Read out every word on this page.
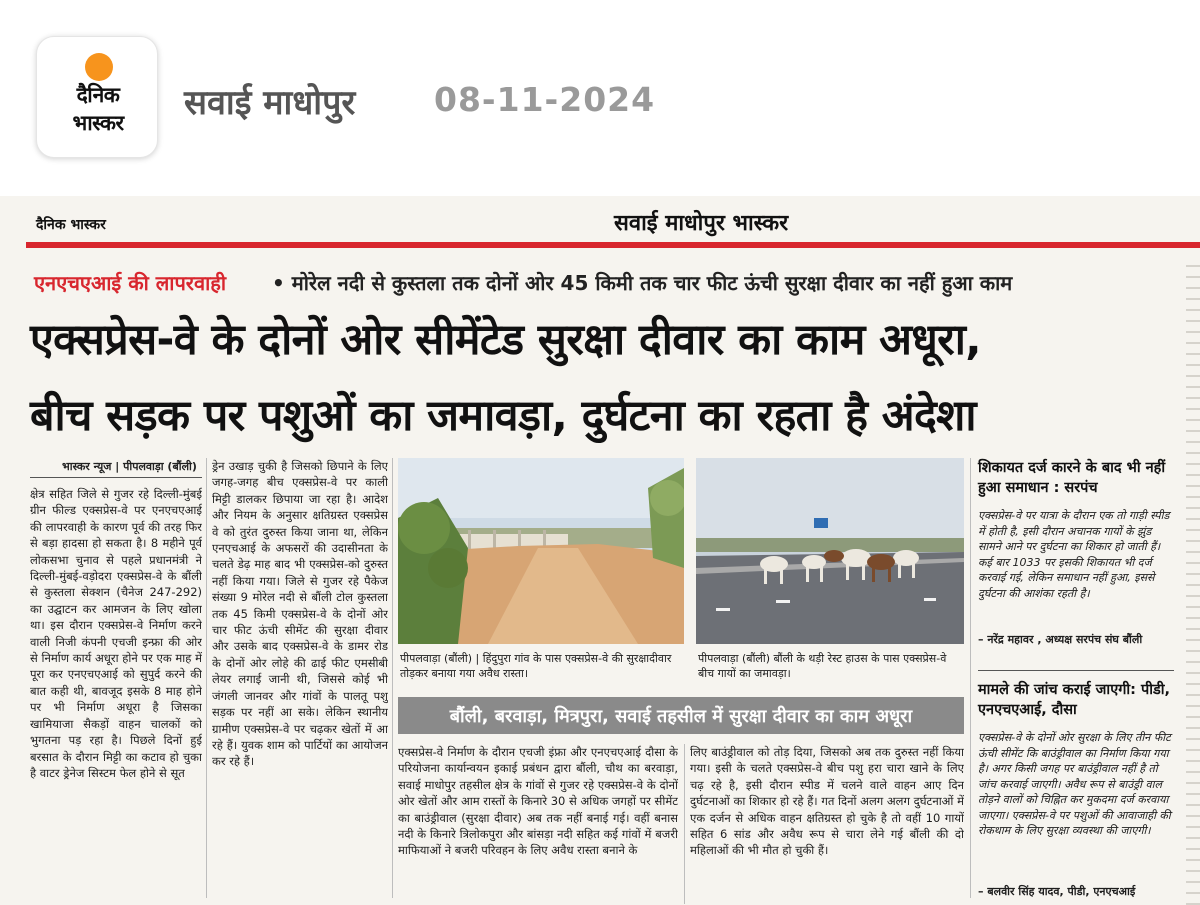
दैनिक
भास्कर	सवाई माधोपुर 08-11-2024
दैनिक भास्कर	सवाई माधोपुर भास्कर
एनएचएआई की लापरवाही • मोरेल नदी से कुस्तला तक दोनों ओर 45 किमी तक चार फीट ऊंची सुरक्षा दीवार का नहीं हुआ काम
एक्सप्रेस-वे के दोनों ओर सीमेंटेड सुरक्षा दीवार का काम अधूरा,
बीच सड़क पर पशुओं का जमावड़ा, दुर्घटना का रहता है अंदेशा
भास्कर न्यूज | पीपलवाड़ा (बौंली)
क्षेत्र सहित जिले से गुजर रहे दिल्ली-मुंबई ग्रीन फील्ड एक्सप्रेस-वे पर एनएचएआई की लापरवाही के कारण पूर्व की तरह फिर से बड़ा हादसा हो सकता है। 8 महीने पूर्व लोकसभा चुनाव से पहले प्रधानमंत्री ने दिल्ली-मुंबई-वड़ोदरा एक्सप्रेस-वे के बौंली से कुस्तला सेक्शन (चैनेज 247-292) का उद्घाटन कर आमजन के लिए खोला था। इस दौरान एक्सप्रेस-वे निर्माण करने वाली निजी कंपनी एचजी इन्फ्रा की ओर से निर्माण कार्य अधूरा होने पर एक माह में पूरा कर एनएचएआई को सुपुर्द करने की बात कही थी, बावजूद इसके 8 माह होने पर भी निर्माण अधूरा है जिसका खामियाजा सैकड़ों वाहन चालकों को भुगतना पड़ रहा है। पिछले दिनों हुई बरसात के दौरान मिट्टी का कटाव हो चुका है वाटर ड्रेनेज सिस्टम फेल होने से सूत
ड्रेन उखाड़ चुकी है जिसको छिपाने के लिए जगह-जगह बीच एक्सप्रेस-वे पर काली मिट्टी डालकर छिपाया जा रहा है। आदेश और नियम के अनुसार क्षतिग्रस्त एक्सप्रेस वे को तुरंत दुरुस्त किया जाना था, लेकिन एनएचआई के अफसरों की उदासीनता के चलते डेढ़ माह बाद भी एक्सप्रेस-को दुरुस्त नहीं किया गया। जिले से गुजर रहे पैकेज संख्या 9 मोरेल नदी से बौंली टोल कुस्तला तक 45 किमी एक्सप्रेस-वे के दोनों ओर चार फीट ऊंची सीमेंट की सुरक्षा दीवार और उसके बाद एक्सप्रेस-वे के डामर रोड के दोनों ओर लोहे की ढाई फीट एमसीबी लेयर लगाई जानी थी, जिससे कोई भी जंगली जानवर और गांवों के पालतू पशु सड़क पर नहीं आ सके। लेकिन स्थानीय ग्रामीण एक्सप्रेस-वे पर चढ़कर खेतों में आ रहे हैं। युवक शाम को पार्टियों का आयोजन कर रहे हैं।
पीपलवाड़ा (बौंली) | हिंदुपुरा गांव के पास एक्सप्रेस-वे की सुरक्षादीवार तोड़कर बनाया गया अवैध रास्ता।
पीपलवाड़ा (बौंली) बौंली के थड़ी रेस्ट हाउस के पास एक्सप्रेस-वे बीच गायों का जमावड़ा।
बौंली, बरवाड़ा, मित्रपुरा, सवाई तहसील में सुरक्षा दीवार का काम अधूरा
एक्सप्रेस-वे निर्माण के दौरान एचजी इंफ्रा और एनएचएआई दौसा के परियोजना कार्यान्वयन इकाई प्रबंधन द्वारा बौंली, चौथ का बरवाड़ा, सवाई माधोपुर तहसील क्षेत्र के गांवों से गुजर रहे एक्सप्रेस-वे के दोनों ओर खेतों और आम रास्तों के किनारे 30 से अधिक जगहों पर सीमेंट का बाउंड्रीवाल (सुरक्षा दीवार) अब तक नहीं बनाई गई। वहीं बनास नदी के किनारे त्रिलोकपुरा और बांसड़ा नदी सहित कई गांवों में बजरी माफियाओं ने बजरी परिवहन के लिए अवैध रास्ता बनाने के
लिए बाउंड्रीवाल को तोड़ दिया, जिसको अब तक दुरुस्त नहीं किया गया। इसी के चलते एक्सप्रेस-वे बीच पशु हरा चारा खाने के लिए चढ़ रहे है, इसी दौरान स्पीड में चलने वाले वाहन आए दिन दुर्घटनाओं का शिकार हो रहे हैं। गत दिनों अलग अलग दुर्घटनाओं में एक दर्जन से अधिक वाहन क्षतिग्रस्त हो चुके है तो वहीं 10 गायों सहित 6 सांड और अवैध रूप से चारा लेने गई बौंली की दो महिलाओं की भी मौत हो चुकी हैं।
शिकायत दर्ज कारने के बाद भी नहीं हुआ समाधान : सरपंच
एक्सप्रेस-वे पर यात्रा के दौरान एक तो गाड़ी स्पीड में होती है, इसी दौरान अचानक गायों के झुंड सामने आने पर दुर्घटना का शिकार हो जाती हैं। कई बार 1033 पर इसकी शिकायत भी दर्ज करवाई गई, लेकिन समाधान नहीं हुआ, इससे दुर्घटना की आशंका रहती है।
– नरेंद्र महावर , अध्यक्ष सरपंच संघ बौंली
मामले की जांच कराई जाएगी: पीडी, एनएचएआई, दौसा
एक्सप्रेस-वे के दोनों ओर सुरक्षा के लिए तीन फीट ऊंची सीमेंट कि बाउंड्रीवाल का निर्माण किया गया है। अगर किसी जगह पर बाउंड्रीवाल नहीं है तो जांच करवाई जाएगी। अवैध रूप से बाउंड्री वाल तोड़ने वालों को चिह्नित कर मुकदमा दर्ज करवाया जाएगा। एक्सप्रेस-वे पर पशुओं की आवाजाही की रोकथाम के लिए सुरक्षा व्यवस्था की जाएगी।
– बलवीर सिंह यादव, पीडी, एनएचआई
